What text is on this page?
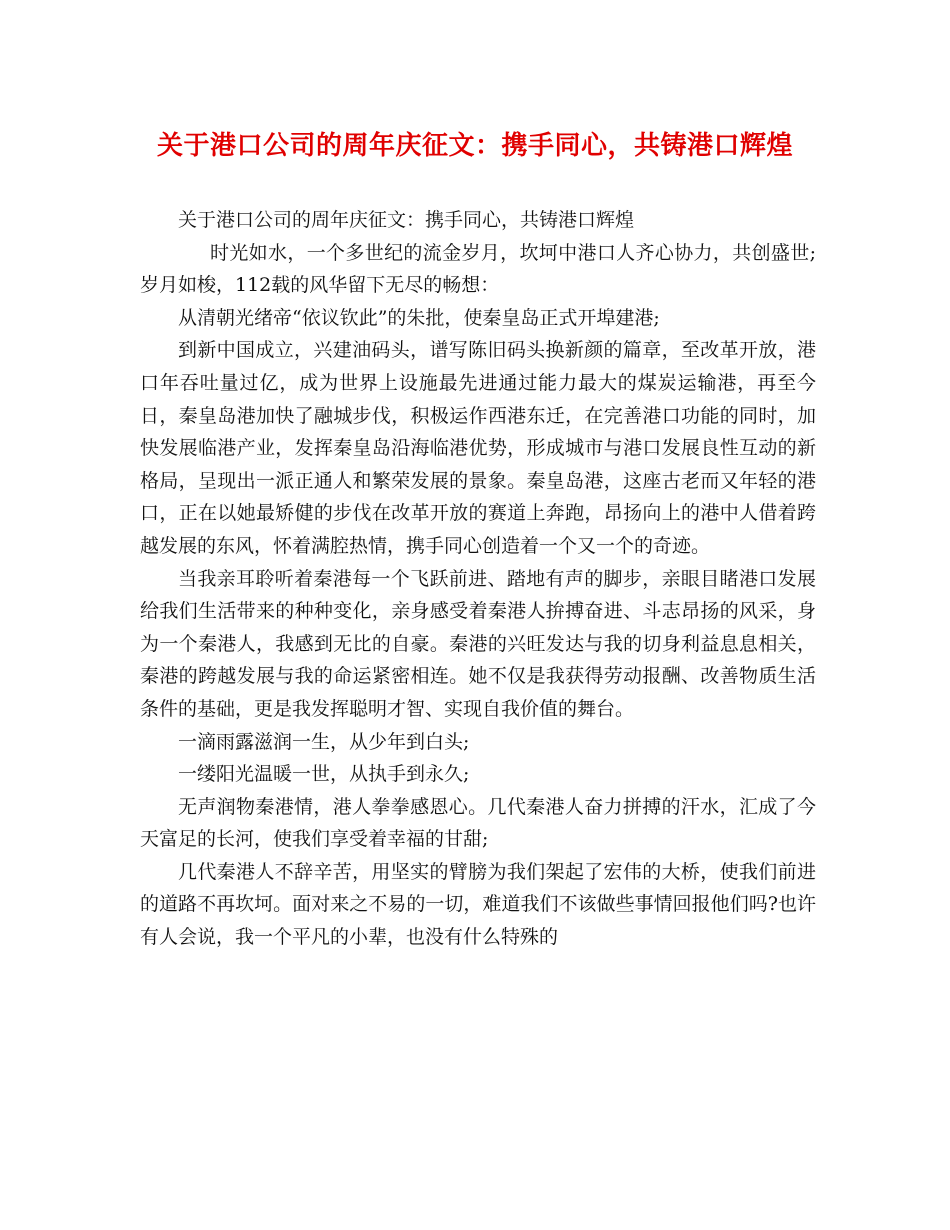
关于港口公司的周年庆征文：携手同心，共铸港口辉煌

关于港口公司的周年庆征文：携手同心，共铸港口辉煌

时光如水，一个多世纪的流金岁月，坎坷中港口人齐心协力，共创盛世;岁月如梭，112载的风华留下无尽的畅想：

从清朝光绪帝“依议钦此”的朱批，使秦皇岛正式开埠建港;

到新中国成立，兴建油码头，谱写陈旧码头换新颜的篇章，至改革开放，港口年吞吐量过亿，成为世界上设施最先进通过能力最大的煤炭运输港，再至今日，秦皇岛港加快了融城步伐，积极运作西港东迁，在完善港口功能的同时，加快发展临港产业，发挥秦皇岛沿海临港优势，形成城市与港口发展良性互动的新格局，呈现出一派正通人和繁荣发展的景象。秦皇岛港，这座古老而又年轻的港口，正在以她最矫健的步伐在改革开放的赛道上奔跑，昂扬向上的港中人借着跨越发展的东风，怀着满腔热情，携手同心创造着一个又一个的奇迹。

当我亲耳聆听着秦港每一个飞跃前进、踏地有声的脚步，亲眼目睹港口发展给我们生活带来的种种变化，亲身感受着秦港人拚搏奋进、斗志昂扬的风采，身为一个秦港人，我感到无比的自豪。秦港的兴旺发达与我的切身利益息息相关，秦港的跨越发展与我的命运紧密相连。她不仅是我获得劳动报酬、改善物质生活条件的基础，更是我发挥聪明才智、实现自我价值的舞台。

一滴雨露滋润一生，从少年到白头;

一缕阳光温暖一世，从执手到永久;

无声润物秦港情，港人拳拳感恩心。几代秦港人奋力拼搏的汗水，汇成了今天富足的长河，使我们享受着幸福的甘甜;

几代秦港人不辞辛苦，用坚实的臂膀为我们架起了宏伟的大桥，使我们前进的道路不再坎坷。面对来之不易的一切，难道我们不该做些事情回报他们吗?也许有人会说，我一个平凡的小辈，也没有什么特殊的
